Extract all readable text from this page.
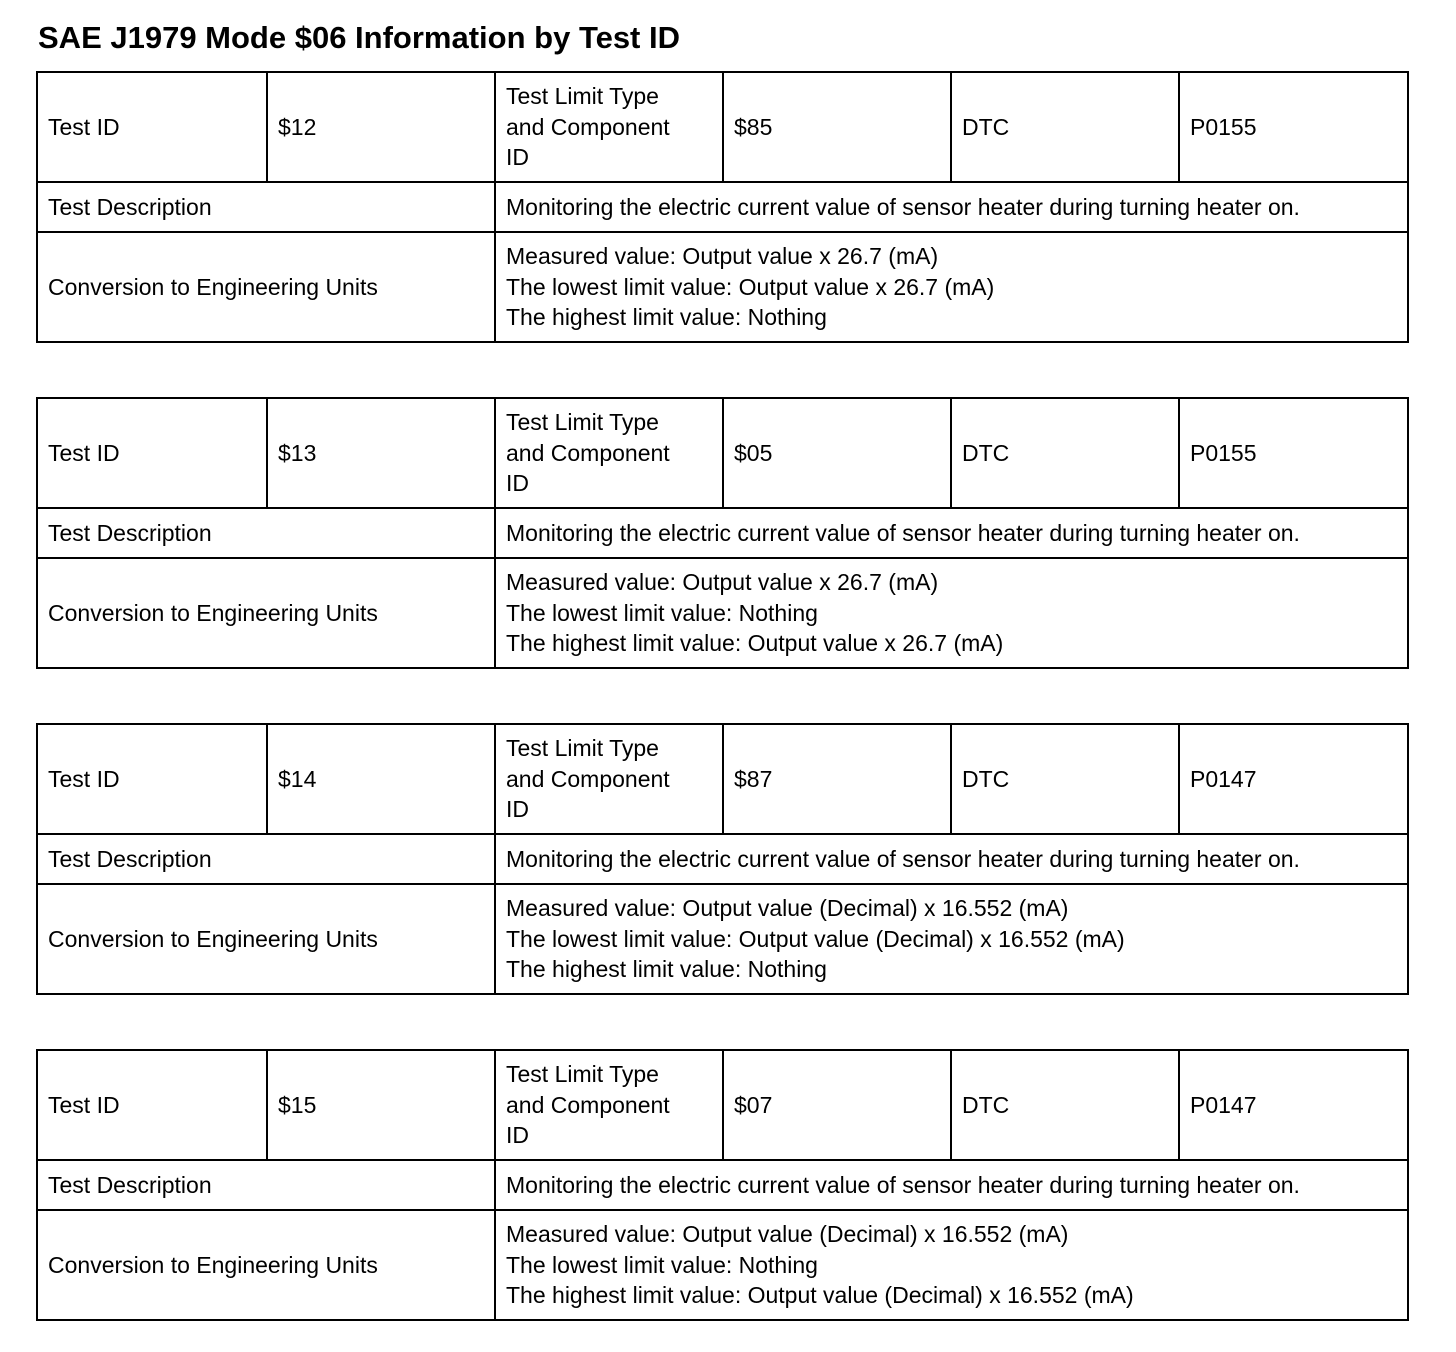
SAE J1979 Mode $06 Information by Test ID
Test ID	$12	Test Limit Type
and Component
ID	$85	DTC	P0155
Test Description		Monitoring the electric current value of sensor heater during turning heater on.			
Conversion to Engineering Units		Measured value: Output value x 26.7 (mA)
The lowest limit value: Output value x 26.7 (mA)
The highest limit value: Nothing			
Test ID	$13	Test Limit Type
and Component
ID	$05	DTC	P0155
Test Description		Monitoring the electric current value of sensor heater during turning heater on.			
Conversion to Engineering Units		Measured value: Output value x 26.7 (mA)
The lowest limit value: Nothing
The highest limit value: Output value x 26.7 (mA)			
Test ID	$14	Test Limit Type
and Component
ID	$87	DTC	P0147
Test Description		Monitoring the electric current value of sensor heater during turning heater on.			
Conversion to Engineering Units		Measured value: Output value (Decimal) x 16.552 (mA)
The lowest limit value: Output value (Decimal) x 16.552 (mA)
The highest limit value: Nothing			
Test ID	$15	Test Limit Type
and Component
ID	$07	DTC	P0147
Test Description		Monitoring the electric current value of sensor heater during turning heater on.			
Conversion to Engineering Units		Measured value: Output value (Decimal) x 16.552 (mA)
The lowest limit value: Nothing
The highest limit value: Output value (Decimal) x 16.552 (mA)			
